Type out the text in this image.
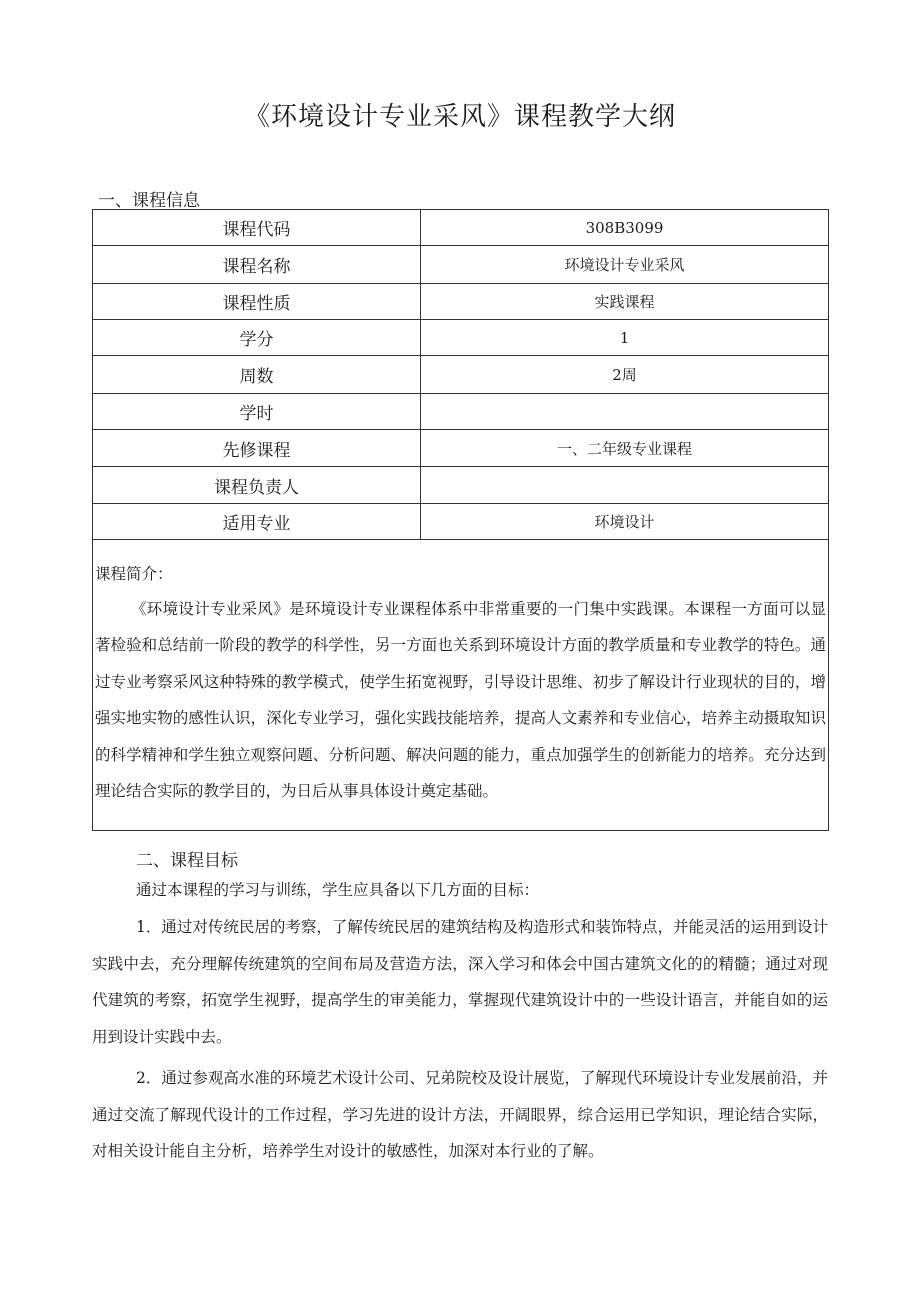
《环境设计专业采风》课程教学大纲
一、课程信息
课程代码	308B3099
课程名称	环境设计专业采风
课程性质	实践课程
学分	1
周数	2周
学时	
先修课程	一、二年级专业课程
课程负责人	
适用专业	环境设计

课程简介：

《环境设计专业采风》是环境设计专业课程体系中非常重要的一门集中实践课。本课程一方面可以显著检验和总结前一阶段的教学的科学性，另一方面也关系到环境设计方面的教学质量和专业教学的特色。通过专业考察采风这种特殊的教学模式，使学生拓宽视野，引导设计思维、初步了解设计行业现状的目的，增强实地实物的感性认识，深化专业学习，强化实践技能培养，提高人文素养和专业信心，培养主动摄取知识的科学精神和学生独立观察问题、分析问题、解决问题的能力，重点加强学生的创新能力的培养。充分达到理论结合实际的教学目的，为日后从事具体设计奠定基础。	

二、课程目标

通过本课程的学习与训练，学生应具备以下几方面的目标：

1．通过对传统民居的考察，了解传统民居的建筑结构及构造形式和装饰特点，并能灵活的运用到设计实践中去，充分理解传统建筑的空间布局及营造方法，深入学习和体会中国古建筑文化的的精髓；通过对现代建筑的考察，拓宽学生视野，提高学生的审美能力，掌握现代建筑设计中的一些设计语言，并能自如的运用到设计实践中去。

2．通过参观高水准的环境艺术设计公司、兄弟院校及设计展览，了解现代环境设计专业发展前沿，并通过交流了解现代设计的工作过程，学习先进的设计方法，开阔眼界，综合运用已学知识，理论结合实际，对相关设计能自主分析，培养学生对设计的敏感性，加深对本行业的了解。
